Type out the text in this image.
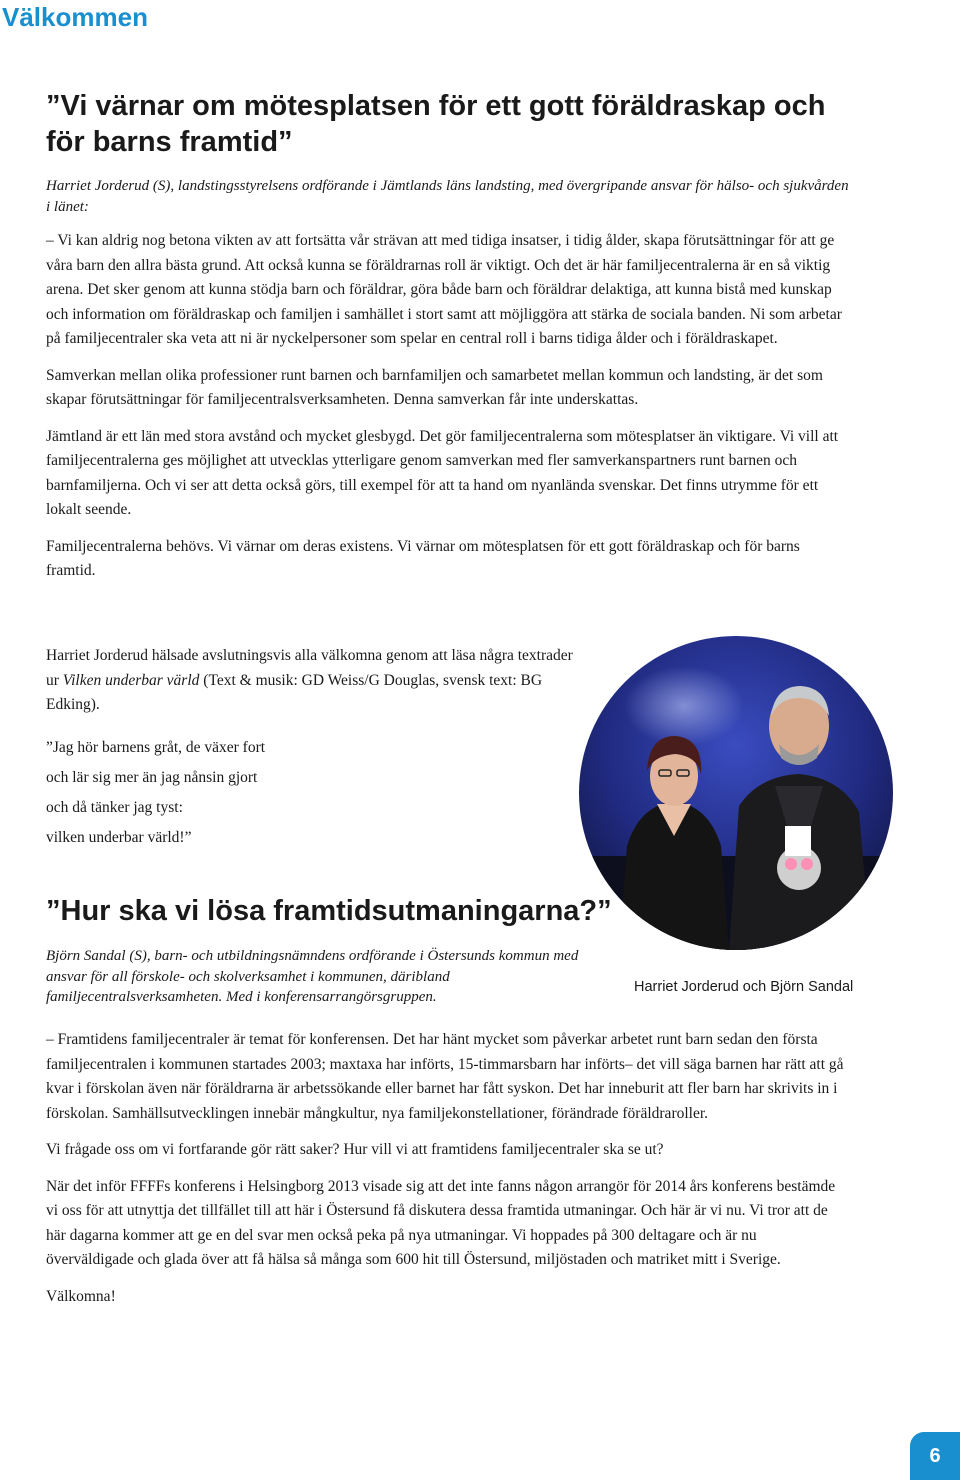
Välkommen
”Vi värnar om mötesplatsen för ett gott föräldraskap och för barns framtid”

Harriet Jorderud (S), landstingsstyrelsens ordförande i Jämtlands läns landsting, med övergripande ansvar för hälso- och sjukvården i länet:

– Vi kan aldrig nog betona vikten av att fortsätta vår strävan att med tidiga insatser, i tidig ålder, skapa förutsättningar för att ge våra barn den allra bästa grund. Att också kunna se föräldrarnas roll är viktigt. Och det är här familjecentralerna är en så viktig arena. Det sker genom att kunna stödja barn och föräldrar, göra både barn och föräldrar delaktiga, att kunna bistå med kunskap och information om föräldraskap och familjen i samhället i stort samt att möjliggöra att stärka de sociala banden. Ni som arbetar på familjecentraler ska veta att ni är nyckelpersoner som spelar en central roll i barns tidiga ålder och i föräldraskapet.

Samverkan mellan olika professioner runt barnen och barnfamiljen och samarbetet mellan kommun och landsting, är det som skapar förutsättningar för familjecentralsverksamheten. Denna samverkan får inte underskattas.

Jämtland är ett län med stora avstånd och mycket glesbygd. Det gör familjecentralerna som mötesplatser än viktigare. Vi vill att familjecentralerna ges möjlighet att utvecklas ytterligare genom samverkan med fler samverkanspartners runt barnen och barnfamiljerna. Och vi ser att detta också görs, till exempel för att ta hand om nyanlända svenskar. Det finns utrymme för ett lokalt seende.

Familjecentralerna behövs. Vi värnar om deras existens. Vi värnar om mötesplatsen för ett gott föräldraskap och för barns framtid.

Harriet Jorderud hälsade avslutningsvis alla välkomna genom att läsa några textrader ur Vilken underbar värld (Text & musik: GD Weiss/G Douglas, svensk text: BG Edking).

”Jag hör barnens gråt, de växer fort
och lär sig mer än jag nånsin gjort
och då tänker jag tyst:
vilken underbar värld!”
Harriet Jorderud och Björn Sandal
”Hur ska vi lösa framtidsutmaningarna?”

Björn Sandal (S), barn- och utbildningsnämndens ordförande i Östersunds kommun med ansvar för all förskole- och skolverksamhet i kommunen, däribland familjecentralsverksamheten. Med i konferensarrangörsgruppen.

– Framtidens familjecentraler är temat för konferensen. Det har hänt mycket som påverkar arbetet runt barn sedan den första familjecentralen i kommunen startades 2003; maxtaxa har införts, 15-timmarsbarn har införts– det vill säga barnen har rätt att gå kvar i förskolan även när föräldrarna är arbetssökande eller barnet har fått syskon. Det har inneburit att fler barn har skrivits in i förskolan. Samhällsutvecklingen innebär mångkultur, nya familjekonstellationer, förändrade föräldraroller.

Vi frågade oss om vi fortfarande gör rätt saker? Hur vill vi att framtidens familjecentraler ska se ut?

När det inför FFFFs konferens i Helsingborg 2013 visade sig att det inte fanns någon arrangör för 2014 års konferens bestämde vi oss för att utnyttja det tillfället till att här i Östersund få diskutera dessa framtida utmaningar. Och här är vi nu. Vi tror att de här dagarna kommer att ge en del svar men också peka på nya utmaningar. Vi hoppades på 300 deltagare och är nu överväldigade och glada över att få hälsa så många som 600 hit till Östersund, miljöstaden och matriket mitt i Sverige.

Välkomna!

6
